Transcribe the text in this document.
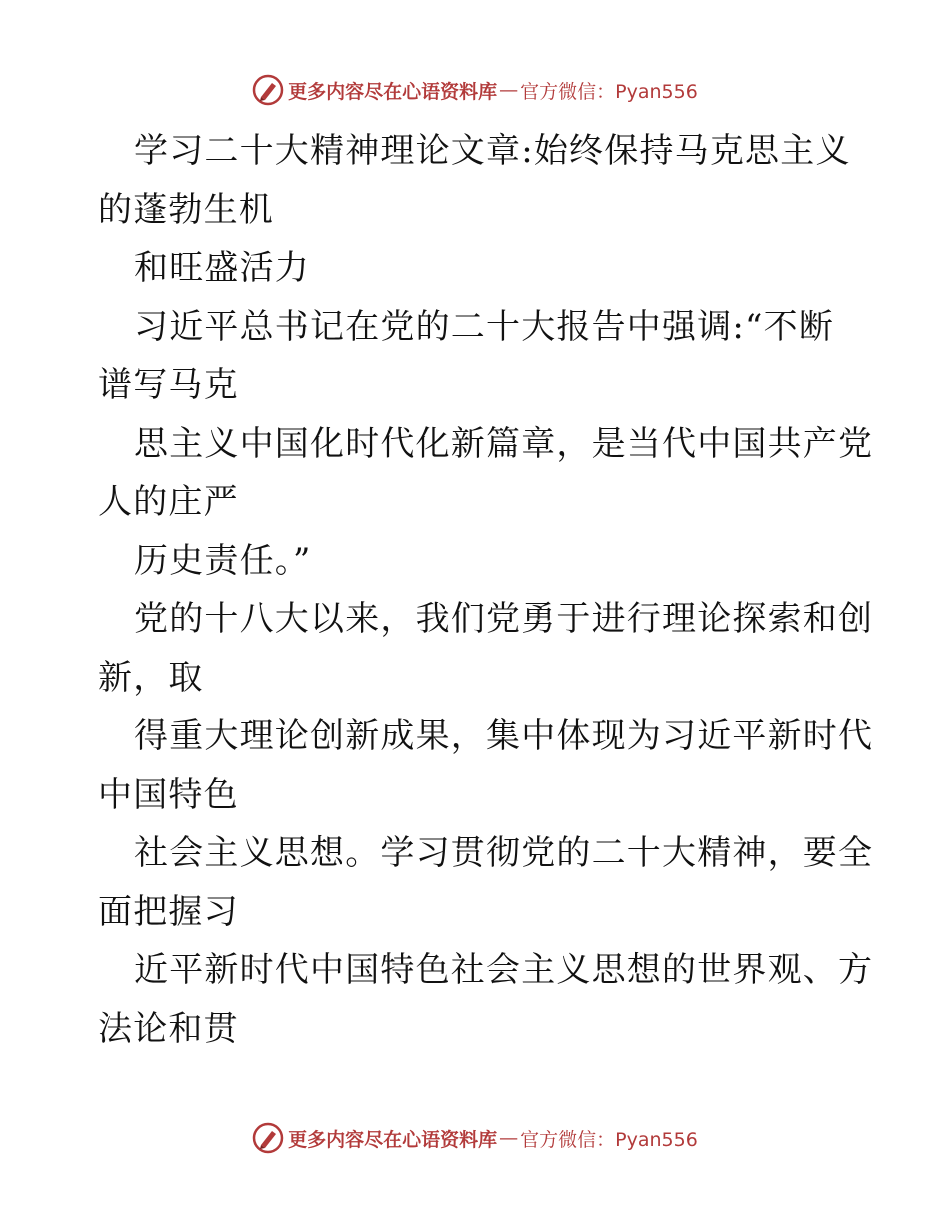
更多内容尽在心语资料库 — 官方微信：Pyan556
学习二十大精神理论文章:始终保持马克思主义
的蓬勃生机
和旺盛活力
习近平总书记在党的二十大报告中强调:“不断
谱写马克
思主义中国化时代化新篇章，是当代中国共产党
人的庄严
历史责任。”
党的十八大以来，我们党勇于进行理论探索和创
新，取
得重大理论创新成果，集中体现为习近平新时代
中国特色
社会主义思想。学习贯彻党的二十大精神，要全
面把握习
近平新时代中国特色社会主义思想的世界观、方
法论和贯
更多内容尽在心语资料库 — 官方微信：Pyan556
